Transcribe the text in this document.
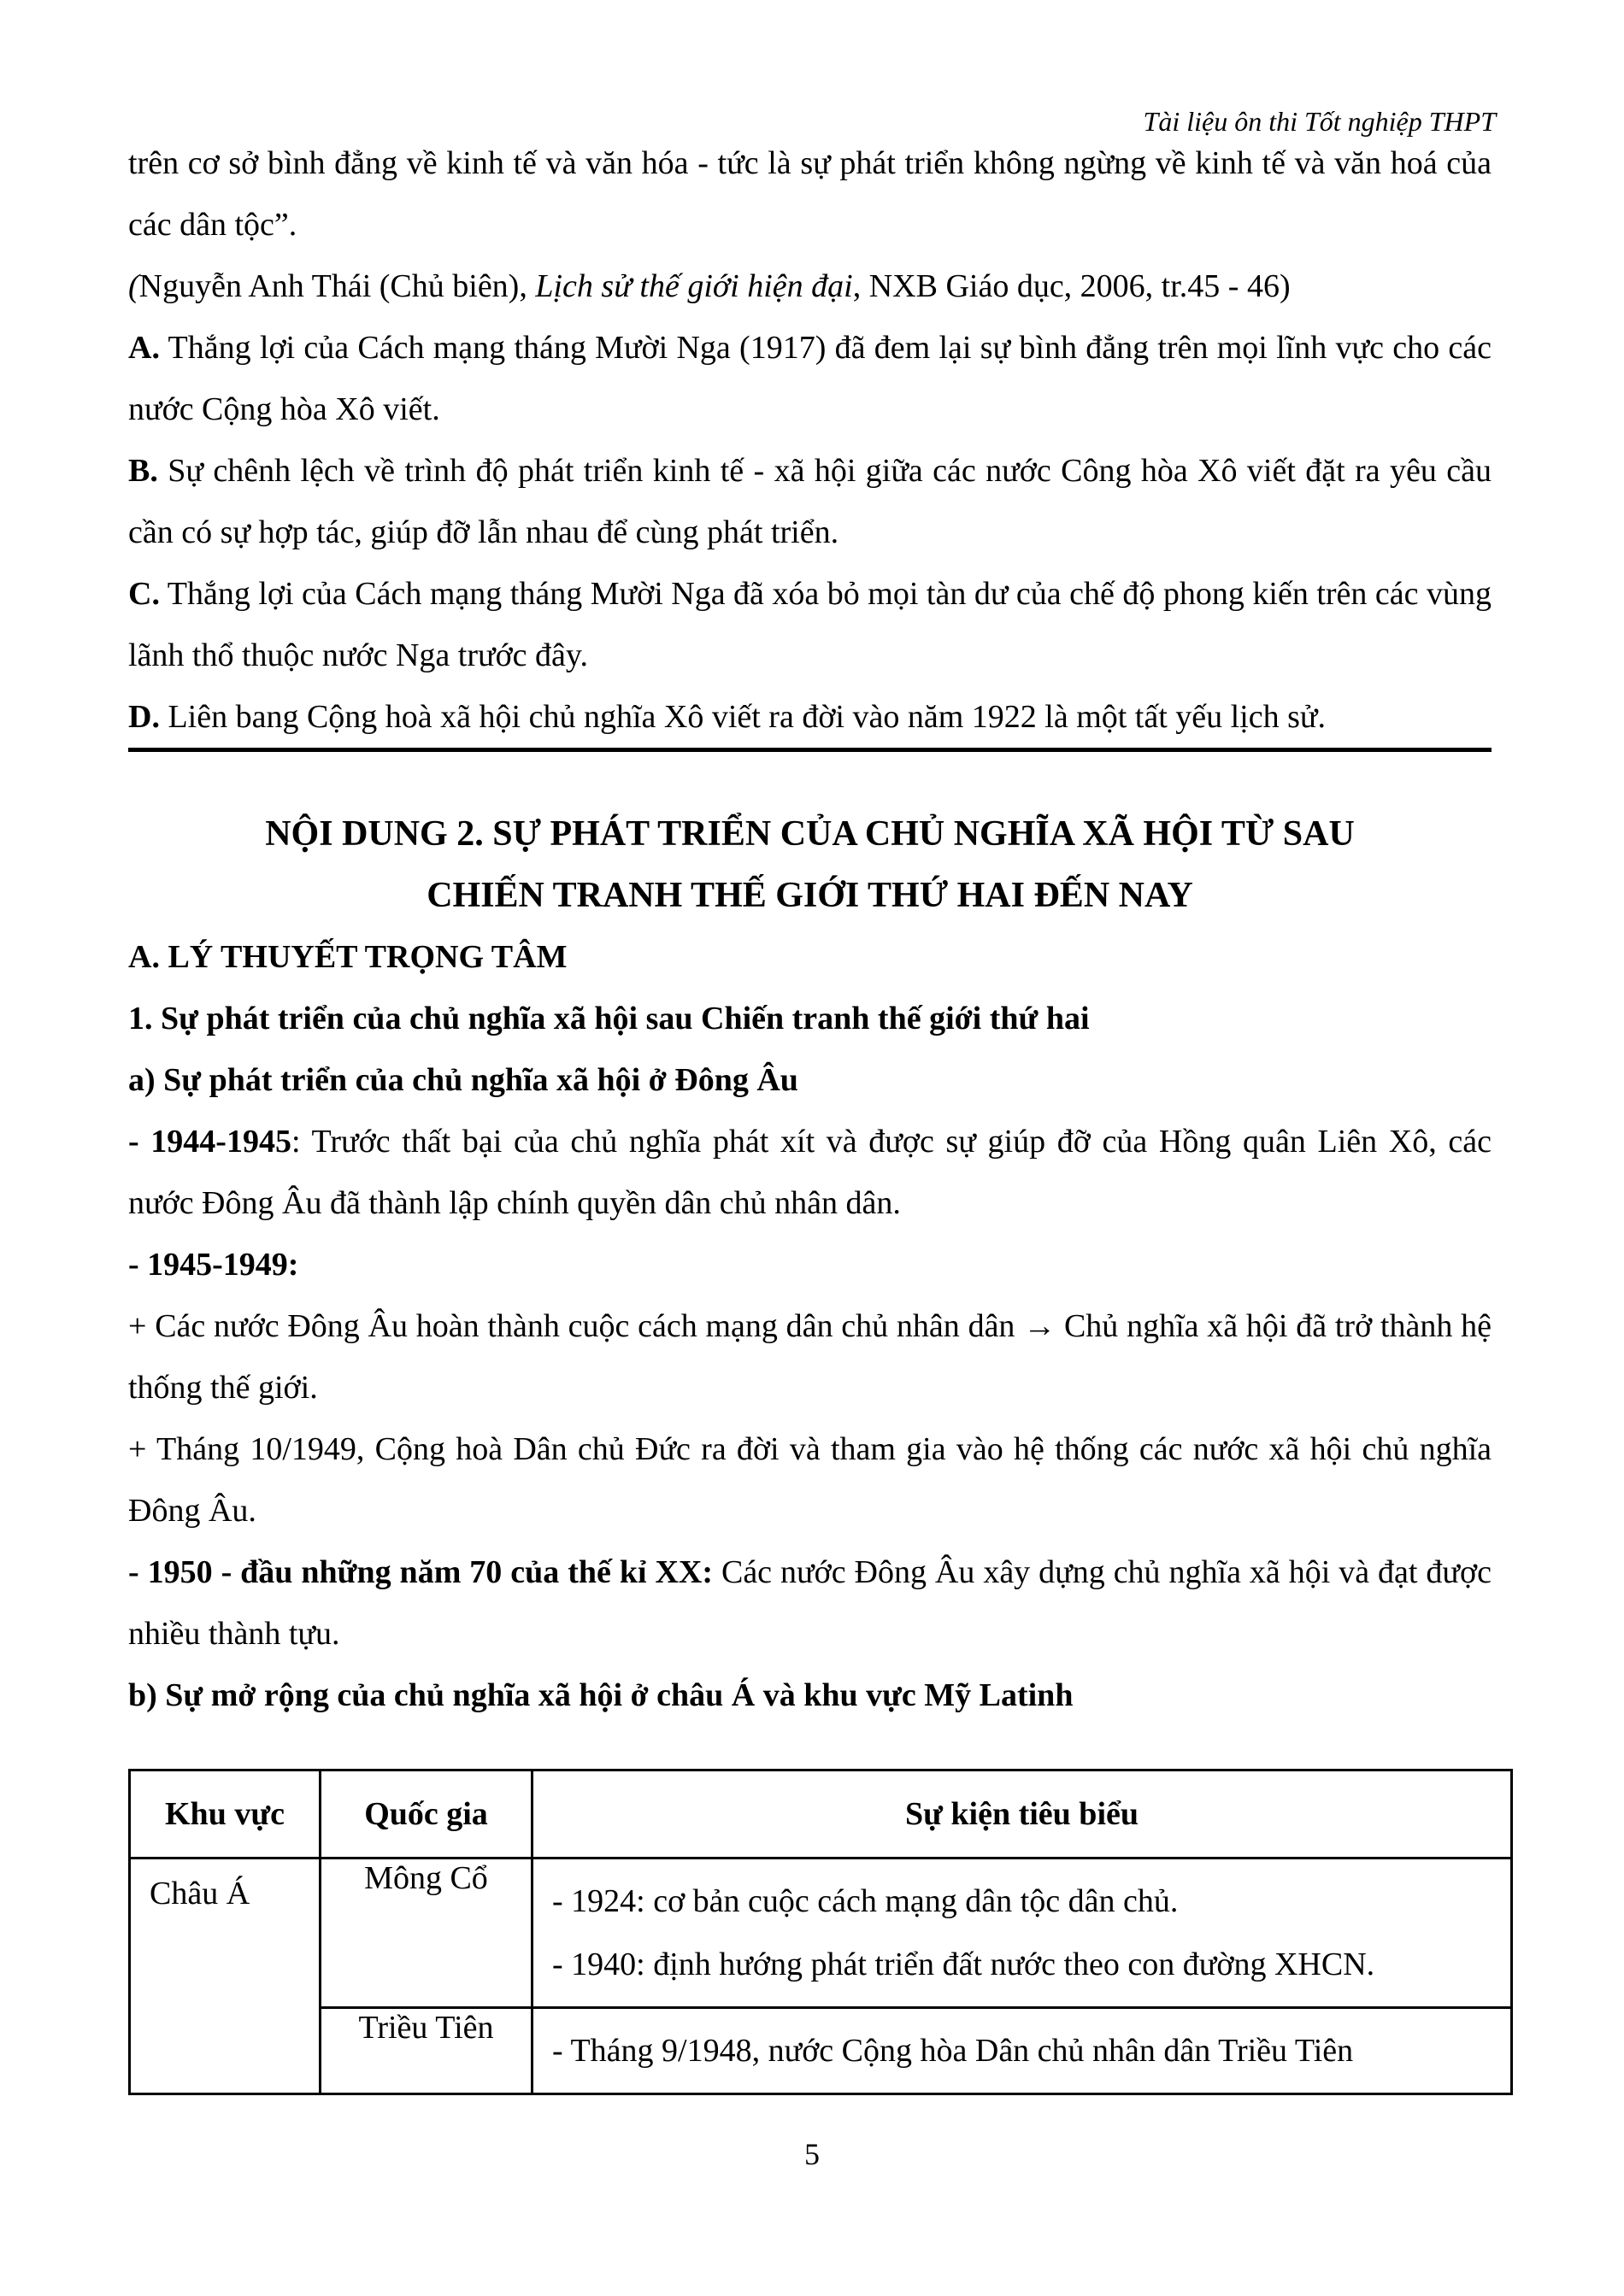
Tài liệu ôn thi Tốt nghiệp THPT

trên cơ sở bình đẳng về kinh tế và văn hóa - tức là sự phát triển không ngừng về kinh tế và văn hoá của các dân tộc”.

(Nguyễn Anh Thái (Chủ biên), Lịch sử thế giới hiện đại, NXB Giáo dục, 2006, tr.45 - 46)

A. Thắng lợi của Cách mạng tháng Mười Nga (1917) đã đem lại sự bình đẳng trên mọi lĩnh vực cho các nước Cộng hòa Xô viết.

B. Sự chênh lệch về trình độ phát triển kinh tế - xã hội giữa các nước Công hòa Xô viết đặt ra yêu cầu cần có sự hợp tác, giúp đỡ lẫn nhau để cùng phát triển.

C. Thắng lợi của Cách mạng tháng Mười Nga đã xóa bỏ mọi tàn dư của chế độ phong kiến trên các vùng lãnh thổ thuộc nước Nga trước đây.

D. Liên bang Cộng hoà xã hội chủ nghĩa Xô viết ra đời vào năm 1922 là một tất yếu lịch sử.

NỘI DUNG 2. SỰ PHÁT TRIỂN CỦA CHỦ NGHĨA XÃ HỘI TỪ SAU

CHIẾN TRANH THẾ GIỚI THỨ HAI ĐẾN NAY

A. LÝ THUYẾT TRỌNG TÂM

1. Sự phát triển của chủ nghĩa xã hội sau Chiến tranh thế giới thứ hai

a) Sự phát triển của chủ nghĩa xã hội ở Đông Âu

- 1944-1945: Trước thất bại của chủ nghĩa phát xít và được sự giúp đỡ của Hồng quân Liên Xô, các nước Đông Âu đã thành lập chính quyền dân chủ nhân dân.

- 1945-1949:

+ Các nước Đông Âu hoàn thành cuộc cách mạng dân chủ nhân dân → Chủ nghĩa xã hội đã trở thành hệ thống thế giới.

+ Tháng 10/1949, Cộng hoà Dân chủ Đức ra đời và tham gia vào hệ thống các nước xã hội chủ nghĩa Đông Âu.

- 1950 - đầu những năm 70 của thế kỉ XX: Các nước Đông Âu xây dựng chủ nghĩa xã hội và đạt được nhiều thành tựu.

b) Sự mở rộng của chủ nghĩa xã hội ở châu Á và khu vực Mỹ Latinh

Khu vực	Quốc gia	Sự kiện tiêu biểu
Châu Á	Mông Cổ	- 1924: cơ bản cuộc cách mạng dân tộc dân chủ.
- 1940: định hướng phát triển đất nước theo con đường XHCN.

	Triều Tiên	- Tháng 9/1948, nước Cộng hòa Dân chủ nhân dân Triều Tiên
5
